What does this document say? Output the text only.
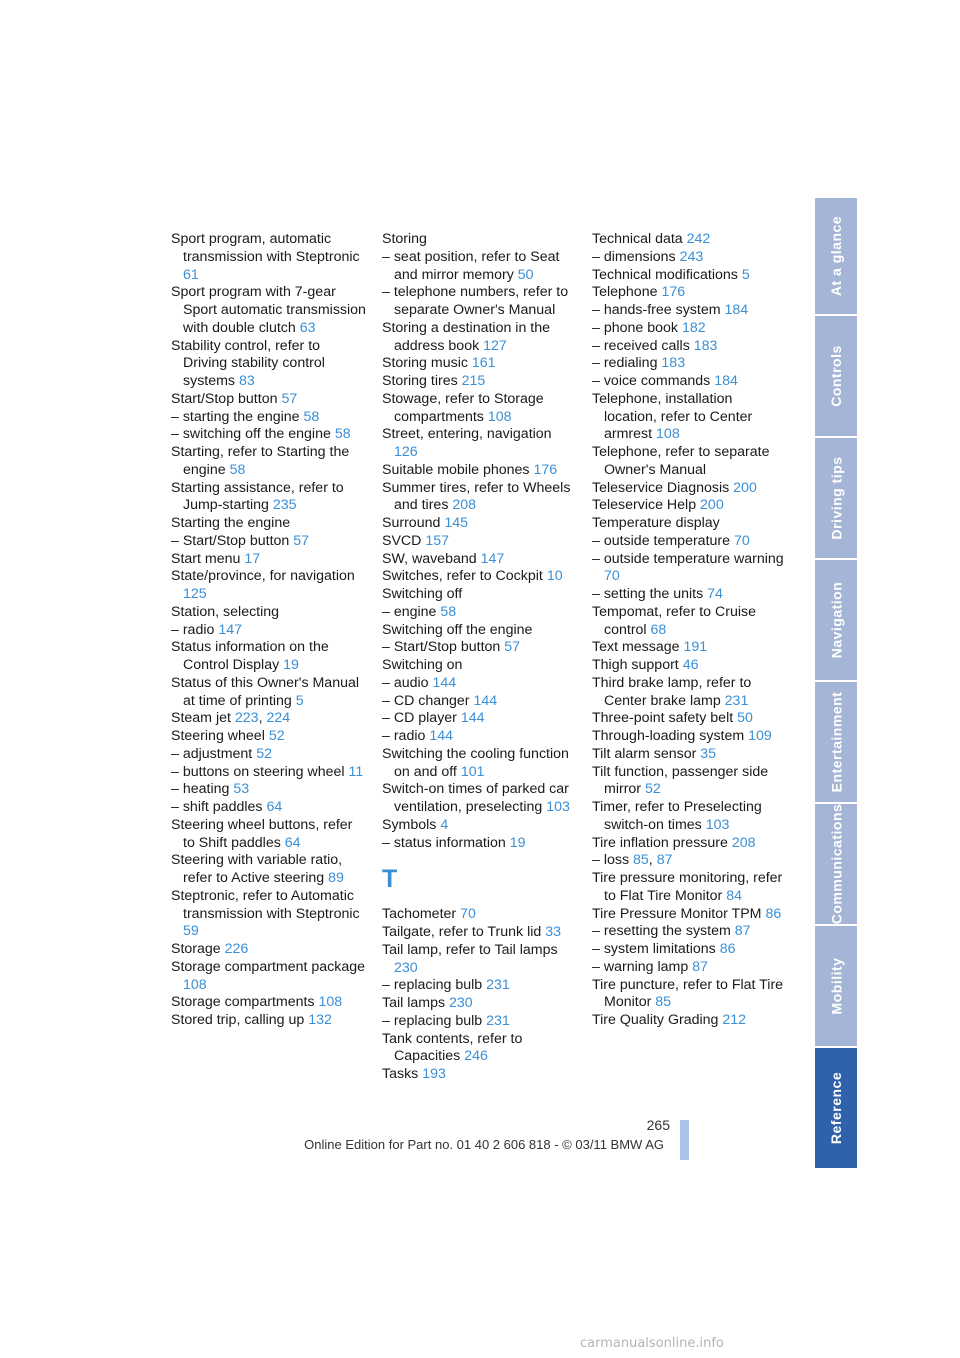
Sport program, automatic transmission with Steptronic 61
Sport program with 7-gear Sport automatic transmission with double clutch 63
Stability control, refer to Driving stability control systems 83
Start/Stop button 57
– starting the engine 58
– switching off the engine 58
Starting, refer to Starting the engine 58
Starting assistance, refer to Jump-starting 235
Starting the engine
– Start/Stop button 57
Start menu 17
State/province, for navigation 125
Station, selecting
– radio 147
Status information on the Control Display 19
Status of this Owner's Manual at time of printing 5
Steam jet 223, 224
Steering wheel 52
– adjustment 52
– buttons on steering wheel 11
– heating 53
– shift paddles 64
Steering wheel buttons, refer to Shift paddles 64
Steering with variable ratio, refer to Active steering 89
Steptronic, refer to Automatic transmission with Steptronic 59
Storage 226
Storage compartment package 108
Storage compartments 108
Stored trip, calling up 132
Storing
– seat position, refer to Seat and mirror memory 50
– telephone numbers, refer to separate Owner's Manual
Storing a destination in the address book 127
Storing music 161
Storing tires 215
Stowage, refer to Storage compartments 108
Street, entering, navigation 126
Suitable mobile phones 176
Summer tires, refer to Wheels and tires 208
Surround 145
SVCD 157
SW, waveband 147
Switches, refer to Cockpit 10
Switching off
– engine 58
Switching off the engine
– Start/Stop button 57
Switching on
– audio 144
– CD changer 144
– CD player 144
– radio 144
Switching the cooling function on and off 101
Switch-on times of parked car ventilation, preselecting 103
Symbols 4
– status information 19
T
Tachometer 70
Tailgate, refer to Trunk lid 33
Tail lamp, refer to Tail lamps 230
– replacing bulb 231
Tail lamps 230
– replacing bulb 231
Tank contents, refer to Capacities 246
Tasks 193
Technical data 242
– dimensions 243
Technical modifications 5
Telephone 176
– hands-free system 184
– phone book 182
– received calls 183
– redialing 183
– voice commands 184
Telephone, installation location, refer to Center armrest 108
Telephone, refer to separate Owner's Manual
Teleservice Diagnosis 200
Teleservice Help 200
Temperature display
– outside temperature 70
– outside temperature warning 70
– setting the units 74
Tempomat, refer to Cruise control 68
Text message 191
Thigh support 46
Third brake lamp, refer to Center brake lamp 231
Three-point safety belt 50
Through-loading system 109
Tilt alarm sensor 35
Tilt function, passenger side mirror 52
Timer, refer to Preselecting switch-on times 103
Tire inflation pressure 208
– loss 85, 87
Tire pressure monitoring, refer to Flat Tire Monitor 84
Tire Pressure Monitor TPM 86
– resetting the system 87
– system limitations 86
– warning lamp 87
Tire puncture, refer to Flat Tire Monitor 85
Tire Quality Grading 212
At a glance
Controls
Driving tips
Navigation
Entertainment
Communications
Mobility
Reference
265
Online Edition for Part no. 01 40 2 606 818 - © 03/11 BMW AG
carmanualsonline.info
